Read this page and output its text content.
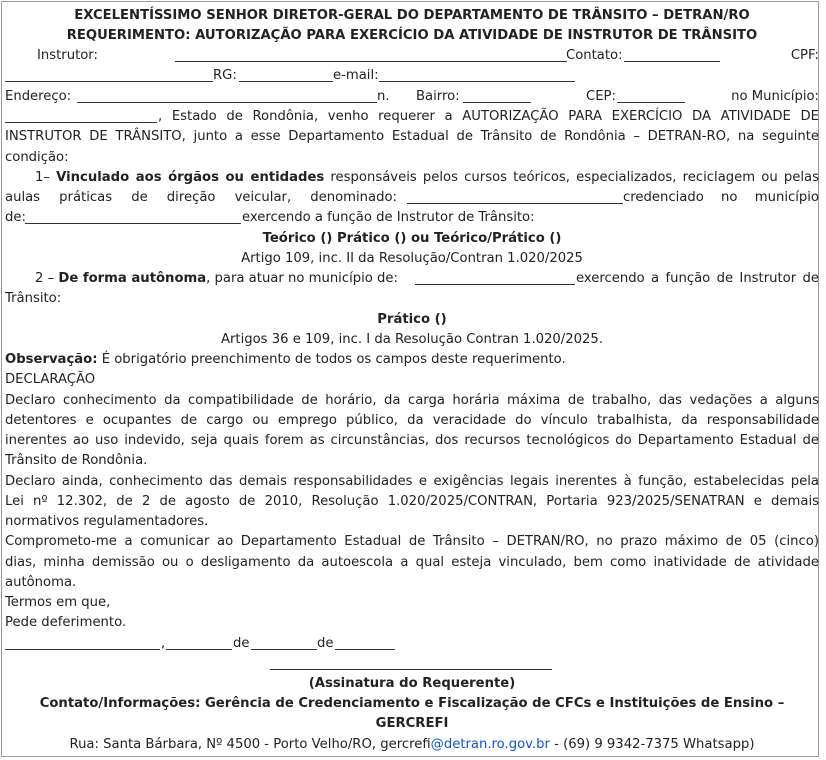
EXCELENTÍSSIMO SENHOR DIRETOR-GERAL DO DEPARTAMENTO DE TRÂNSITO – DETRAN/RO
REQUERIMENTO: AUTORIZAÇÃO PARA EXERCÍCIO DA ATIVIDADE DE INSTRUTOR DE TRÂNSITO
Instrutor:	Contato:	CPF:
RG:	e-mail:
Endereço:	n. Bairro:	CEP:	no Município:
, Estado de Rondônia, venho requerer a AUTORIZAÇÃO PARA EXERCÍCIO DA ATIVIDADE DE
INSTRUTOR DE TRÂNSITO, junto a esse Departamento Estadual de Trânsito de Rondônia – DETRAN-RO, na seguinte
condição:
1– Vinculado aos órgãos ou entidades responsáveis pelos cursos teóricos, especializados, reciclagem ou pelas
aulas práticas de direção veicular, denominado:	credenciado no município
de:	exercendo a função de Instrutor de Trânsito:
Teórico () Prático () ou Teórico/Prático ()
Artigo 109, inc. II da Resolução/Contran 1.020/2025
2 – De forma autônoma, para atuar no município de:	exercendo a função de Instrutor de
Trânsito:
Prático ()
Artigos 36 e 109, inc. I da Resolução Contran 1.020/2025.
Observação: É obrigatório preenchimento de todos os campos deste requerimento.
DECLARAÇÃO
Declaro conhecimento da compatibilidade de horário, da carga horária máxima de trabalho, das vedações a alguns
detentores e ocupantes de cargo ou emprego público, da veracidade do vínculo trabalhista, da responsabilidade
inerentes ao uso indevido, seja quais forem as circunstâncias, dos recursos tecnológicos do Departamento Estadual de
Trânsito de Rondônia.
Declaro ainda, conhecimento das demais responsabilidades e exigências legais inerentes à função, estabelecidas pela
Lei nº 12.302, de 2 de agosto de 2010, Resolução 1.020/2025/CONTRAN, Portaria 923/2025/SENATRAN e demais
normativos regulamentadores.
Comprometo-me a comunicar ao Departamento Estadual de Trânsito – DETRAN/RO, no prazo máximo de 05 (cinco)
dias, minha demissão ou o desligamento da autoescola a qual esteja vinculado, bem como inatividade de atividade
autônoma.
Termos em que,
Pede deferimento.
,	de	de
(Assinatura do Requerente)
Contato/Informações: Gerência de Credenciamento e Fiscalização de CFCs e Instituições de Ensino –
GERCREFI
Rua: Santa Bárbara, Nº 4500 - Porto Velho/RO, gercrefi@detran.ro.gov.br - (69) 9 9342-7375 Whatsapp)
